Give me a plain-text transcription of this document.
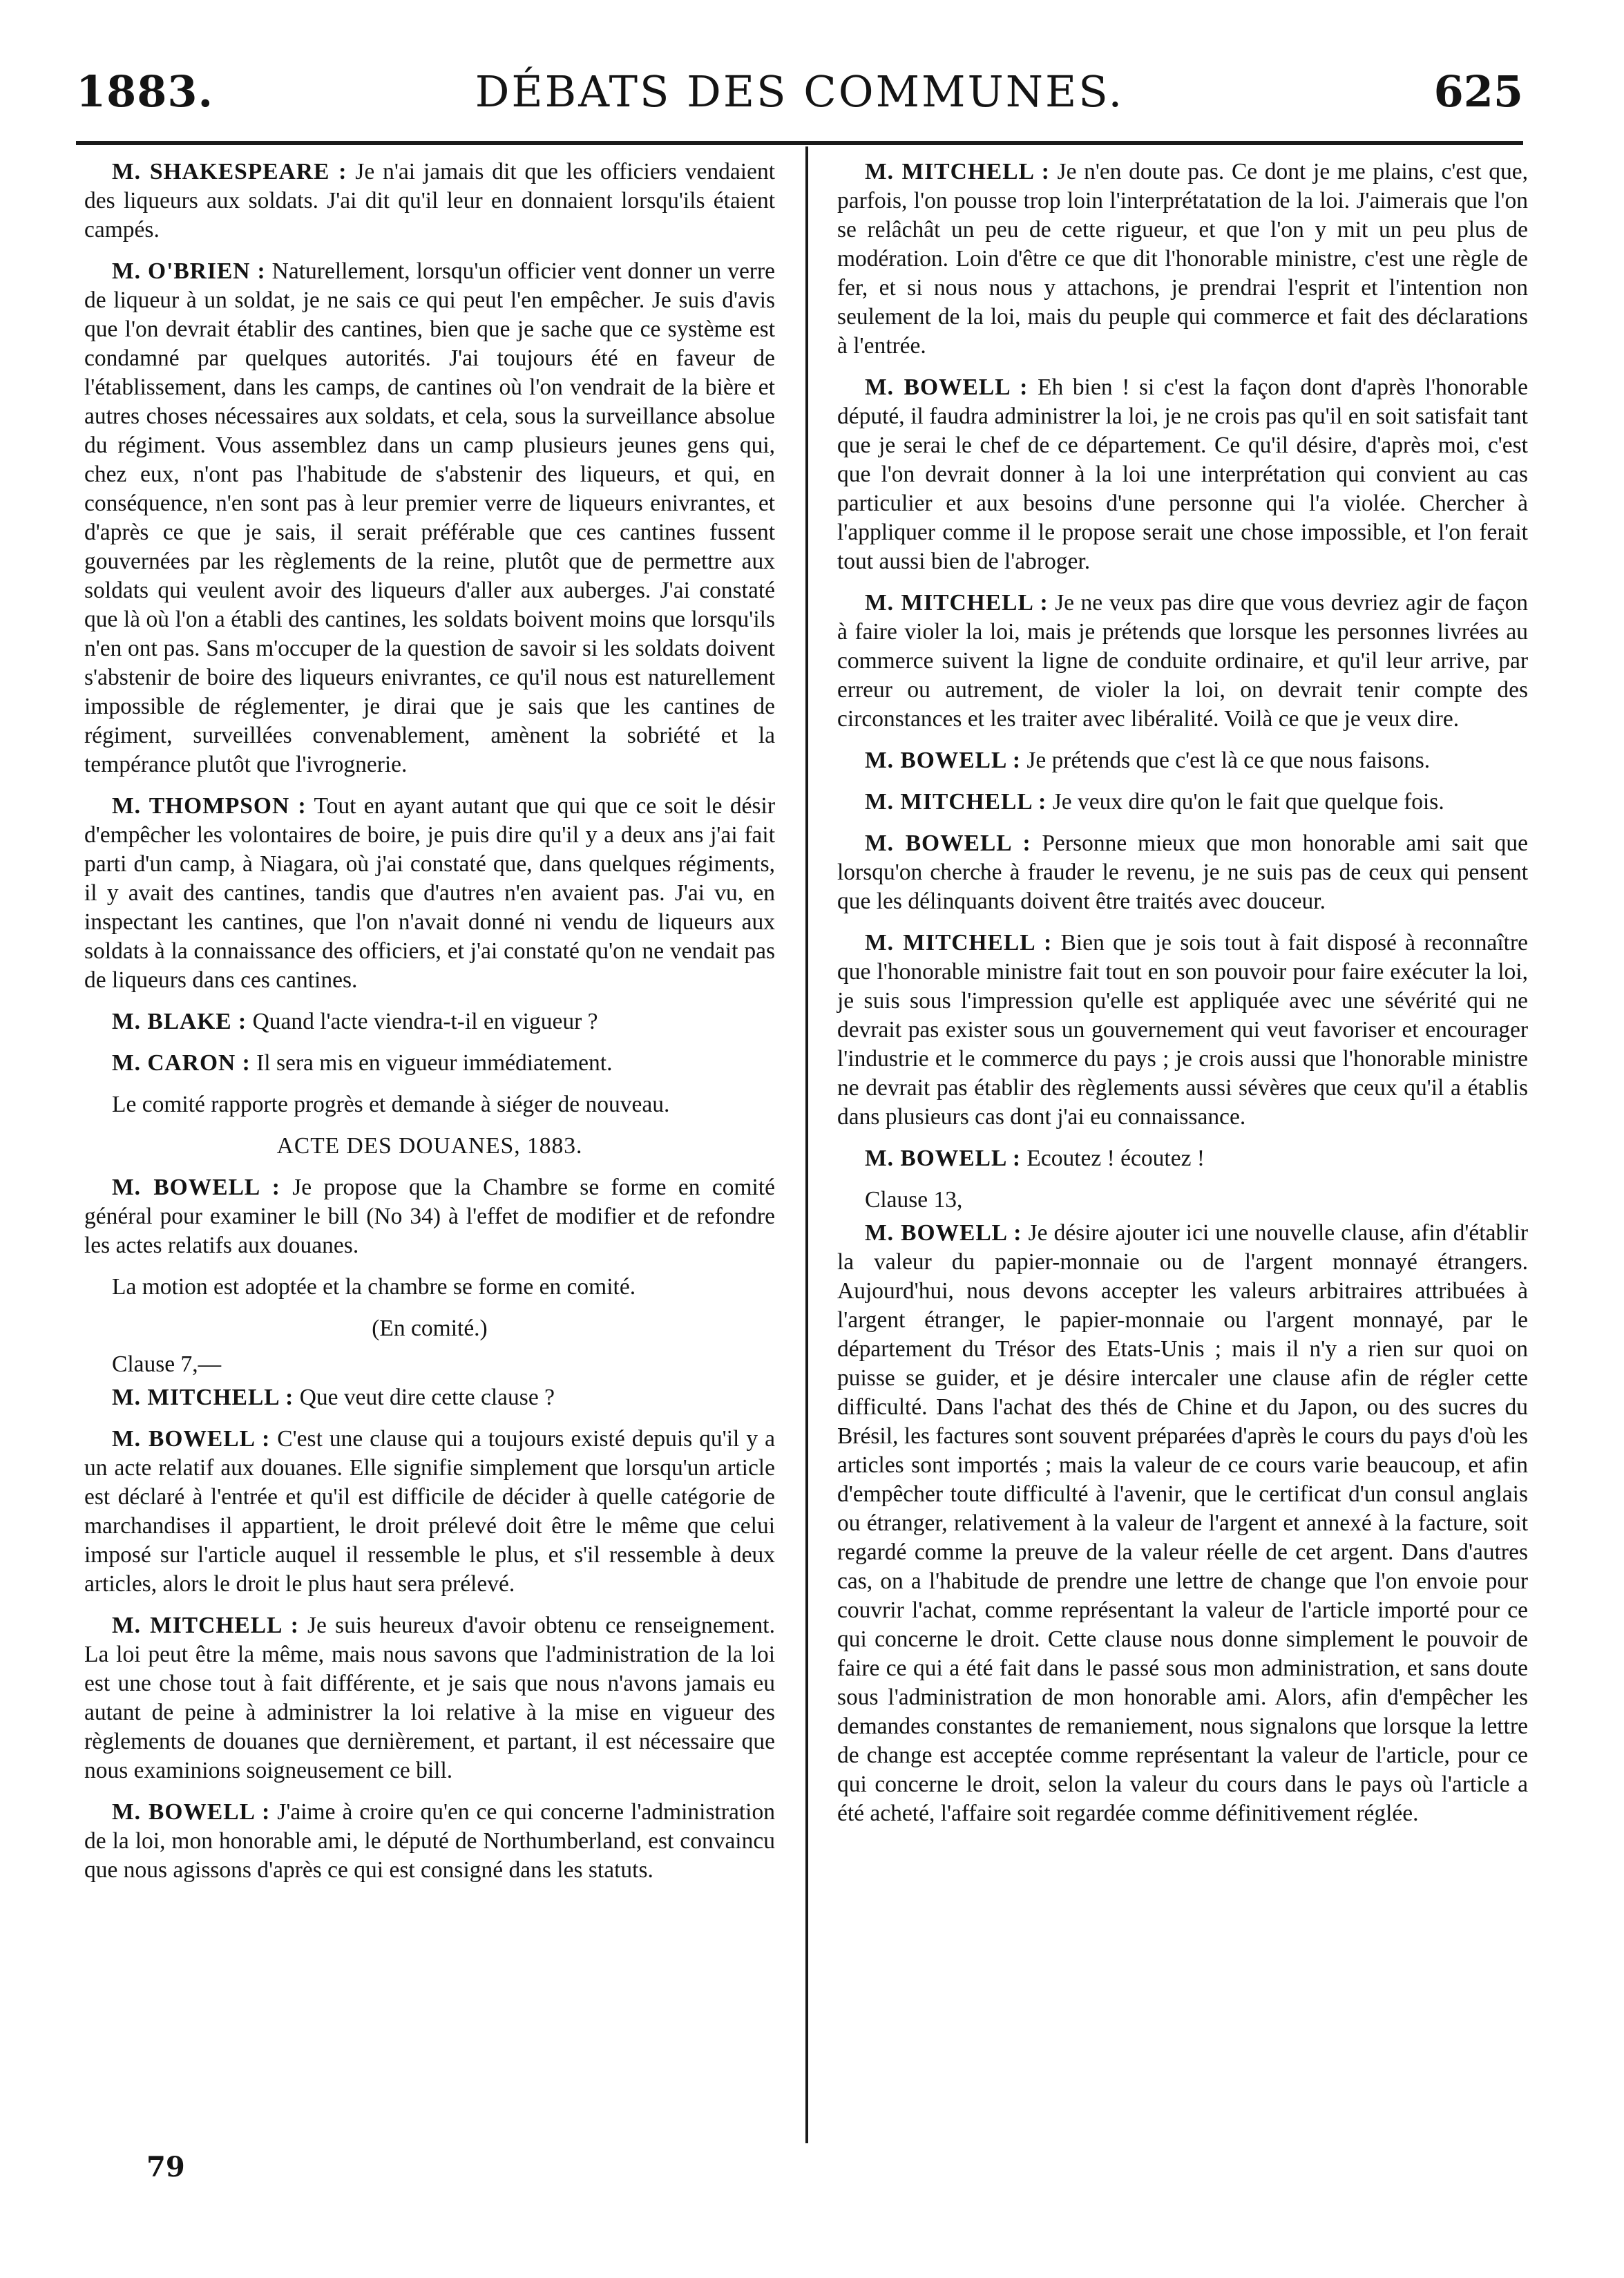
1883.	DÉBATS DES COMMUNES.	625

M. SHAKESPEARE : Je n'ai jamais dit que les officiers vendaient des liqueurs aux soldats. J'ai dit qu'il leur en donnaient lorsqu'ils étaient campés.

M. O'BRIEN : Naturellement, lorsqu'un officier vent donner un verre de liqueur à un soldat, je ne sais ce qui peut l'en empêcher. Je suis d'avis que l'on devrait établir des cantines, bien que je sache que ce système est condamné par quelques autorités. J'ai toujours été en faveur de l'établissement, dans les camps, de cantines où l'on vendrait de la bière et autres choses nécessaires aux soldats, et cela, sous la surveillance absolue du régiment. Vous assemblez dans un camp plusieurs jeunes gens qui, chez eux, n'ont pas l'habitude de s'abstenir des liqueurs, et qui, en conséquence, n'en sont pas à leur premier verre de liqueurs enivrantes, et d'après ce que je sais, il serait préférable que ces cantines fussent gouvernées par les règlements de la reine, plutôt que de permettre aux soldats qui veulent avoir des liqueurs d'aller aux auberges. J'ai constaté que là où l'on a établi des cantines, les soldats boivent moins que lorsqu'ils n'en ont pas. Sans m'occuper de la question de savoir si les soldats doivent s'abstenir de boire des liqueurs enivrantes, ce qu'il nous est naturellement impossible de réglementer, je dirai que je sais que les cantines de régiment, surveillées convenablement, amènent la sobriété et la tempérance plutôt que l'ivrognerie.

M. THOMPSON : Tout en ayant autant que qui que ce soit le désir d'empêcher les volontaires de boire, je puis dire qu'il y a deux ans j'ai fait parti d'un camp, à Niagara, où j'ai constaté que, dans quelques régiments, il y avait des cantines, tandis que d'autres n'en avaient pas. J'ai vu, en inspectant les cantines, que l'on n'avait donné ni vendu de liqueurs aux soldats à la connaissance des officiers, et j'ai constaté qu'on ne vendait pas de liqueurs dans ces cantines.

M. BLAKE : Quand l'acte viendra-t-il en vigueur ?

M. CARON : Il sera mis en vigueur immédiatement.

Le comité rapporte progrès et demande à siéger de nouveau.

ACTE DES DOUANES, 1883.

M. BOWELL : Je propose que la Chambre se forme en comité général pour examiner le bill (No 34) à l'effet de modifier et de refondre les actes relatifs aux douanes.

La motion est adoptée et la chambre se forme en comité.

(En comité.)
Clause 7,—

M. MITCHELL : Que veut dire cette clause ?

M. BOWELL : C'est une clause qui a toujours existé depuis qu'il y a un acte relatif aux douanes. Elle signifie simplement que lorsqu'un article est déclaré à l'entrée et qu'il est difficile de décider à quelle catégorie de marchandises il appartient, le droit prélevé doit être le même que celui imposé sur l'article auquel il ressemble le plus, et s'il ressemble à deux articles, alors le droit le plus haut sera prélevé.

M. MITCHELL : Je suis heureux d'avoir obtenu ce renseignement. La loi peut être la même, mais nous savons que l'administration de la loi est une chose tout à fait différente, et je sais que nous n'avons jamais eu autant de peine à administrer la loi relative à la mise en vigueur des règlements de douanes que dernièrement, et partant, il est nécessaire que nous examinions soigneusement ce bill.

M. BOWELL : J'aime à croire qu'en ce qui concerne l'administration de la loi, mon honorable ami, le député de Northumberland, est convaincu que nous agissons d'après ce qui est consigné dans les statuts.

M. MITCHELL : Je n'en doute pas. Ce dont je me plains, c'est que, parfois, l'on pousse trop loin l'interprétatation de la loi. J'aimerais que l'on se relâchât un peu de cette rigueur, et que l'on y mit un peu plus de modération. Loin d'être ce que dit l'honorable ministre, c'est une règle de fer, et si nous nous y attachons, je prendrai l'esprit et l'intention non seulement de la loi, mais du peuple qui commerce et fait des déclarations à l'entrée.

M. BOWELL : Eh bien ! si c'est la façon dont d'après l'honorable député, il faudra administrer la loi, je ne crois pas qu'il en soit satisfait tant que je serai le chef de ce département. Ce qu'il désire, d'après moi, c'est que l'on devrait donner à la loi une interprétation qui convient au cas particulier et aux besoins d'une personne qui l'a violée. Chercher à l'appliquer comme il le propose serait une chose impossible, et l'on ferait tout aussi bien de l'abroger.

M. MITCHELL : Je ne veux pas dire que vous devriez agir de façon à faire violer la loi, mais je prétends que lorsque les personnes livrées au commerce suivent la ligne de conduite ordinaire, et qu'il leur arrive, par erreur ou autrement, de violer la loi, on devrait tenir compte des circonstances et les traiter avec libéralité. Voilà ce que je veux dire.

M. BOWELL : Je prétends que c'est là ce que nous faisons.

M. MITCHELL : Je veux dire qu'on le fait que quelque fois.

M. BOWELL : Personne mieux que mon honorable ami sait que lorsqu'on cherche à frauder le revenu, je ne suis pas de ceux qui pensent que les délinquants doivent être traités avec douceur.

M. MITCHELL : Bien que je sois tout à fait disposé à reconnaître que l'honorable ministre fait tout en son pouvoir pour faire exécuter la loi, je suis sous l'impression qu'elle est appliquée avec une sévérité qui ne devrait pas exister sous un gouvernement qui veut favoriser et encourager l'industrie et le commerce du pays ; je crois aussi que l'honorable ministre ne devrait pas établir des règlements aussi sévères que ceux qu'il a établis dans plusieurs cas dont j'ai eu connaissance.

M. BOWELL : Ecoutez ! écoutez !

Clause 13,

M. BOWELL : Je désire ajouter ici une nouvelle clause, afin d'établir la valeur du papier-monnaie ou de l'argent monnayé étrangers. Aujourd'hui, nous devons accepter les valeurs arbitraires attribuées à l'argent étranger, le papier-monnaie ou l'argent monnayé, par le département du Trésor des Etats-Unis ; mais il n'y a rien sur quoi on puisse se guider, et je désire intercaler une clause afin de régler cette difficulté. Dans l'achat des thés de Chine et du Japon, ou des sucres du Brésil, les factures sont souvent préparées d'après le cours du pays d'où les articles sont importés ; mais la valeur de ce cours varie beaucoup, et afin d'empêcher toute difficulté à l'avenir, que le certificat d'un consul anglais ou étranger, relativement à la valeur de l'argent et annexé à la facture, soit regardé comme la preuve de la valeur réelle de cet argent. Dans d'autres cas, on a l'habitude de prendre une lettre de change que l'on envoie pour couvrir l'achat, comme représentant la valeur de l'article importé pour ce qui concerne le droit. Cette clause nous donne simplement le pouvoir de faire ce qui a été fait dans le passé sous mon administration, et sans doute sous l'administration de mon honorable ami. Alors, afin d'empêcher les demandes constantes de remaniement, nous signalons que lorsque la lettre de change est acceptée comme représentant la valeur de l'article, pour ce qui concerne le droit, selon la valeur du cours dans le pays où l'article a été acheté, l'affaire soit regardée comme définitivement réglée.

79
